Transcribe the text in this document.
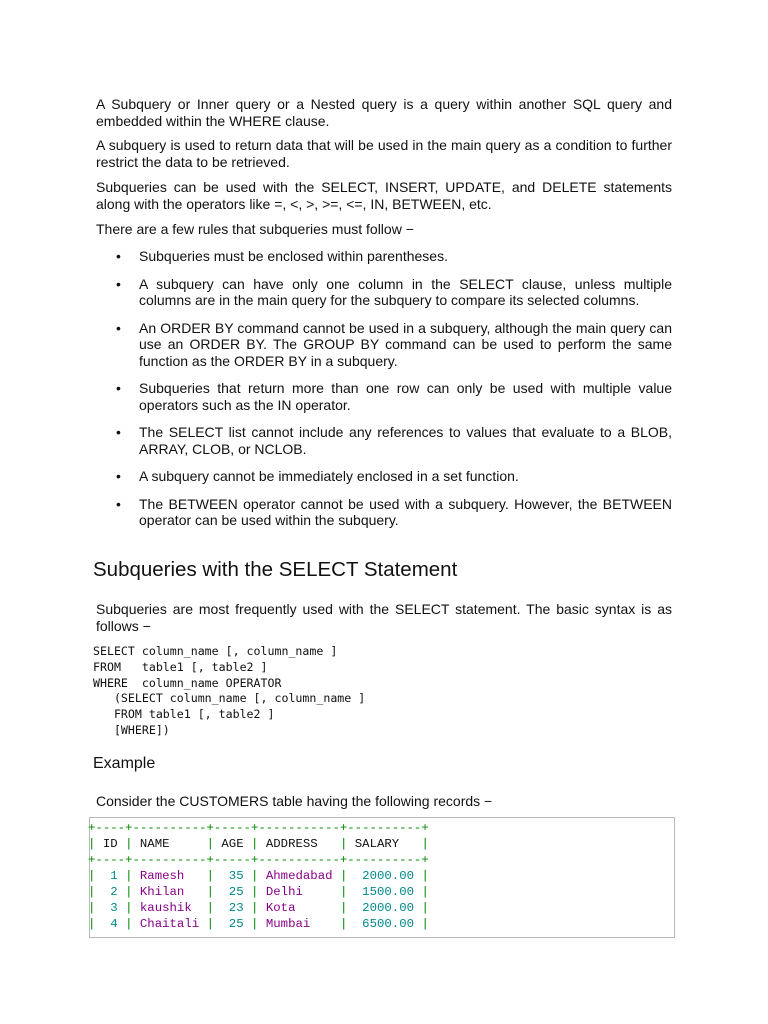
A Subquery or Inner query or a Nested query is a query within another SQL query and embedded within the WHERE clause.

A subquery is used to return data that will be used in the main query as a condition to further restrict the data to be retrieved.

Subqueries can be used with the SELECT, INSERT, UPDATE, and DELETE statements along with the operators like =, <, >, >=, <=, IN, BETWEEN, etc.

There are a few rules that subqueries must follow −

• Subqueries must be enclosed within parentheses.
• A subquery can have only one column in the SELECT clause, unless multiple columns are in the main query for the subquery to compare its selected columns.
• An ORDER BY command cannot be used in a subquery, although the main query can use an ORDER BY. The GROUP BY command can be used to perform the same function as the ORDER BY in a subquery.
• Subqueries that return more than one row can only be used with multiple value operators such as the IN operator.
• The SELECT list cannot include any references to values that evaluate to a BLOB, ARRAY, CLOB, or NCLOB.
• A subquery cannot be immediately enclosed in a set function.
• The BETWEEN operator cannot be used with a subquery. However, the BETWEEN operator can be used within the subquery.
Subqueries with the SELECT Statement

Subqueries are most frequently used with the SELECT statement. The basic syntax is as follows −

SELECT column_name [, column_name ]
FROM   table1 [, table2 ]
WHERE  column_name OPERATOR
(SELECT column_name [, column_name ]
FROM table1 [, table2 ]
[WHERE])
Example

Consider the CUSTOMERS table having the following records −

+----+----------+-----+-----------+----------+
| ID | NAME     | AGE | ADDRESS   | SALARY   |
+----+----------+-----+-----------+----------+
|  1 | Ramesh   |  35 | Ahmedabad |  2000.00 |
|  2 | Khilan   |  25 | Delhi     |  1500.00 |
|  3 | kaushik  |  23 | Kota      |  2000.00 |
|  4 | Chaitali |  25 | Mumbai    |  6500.00 |
